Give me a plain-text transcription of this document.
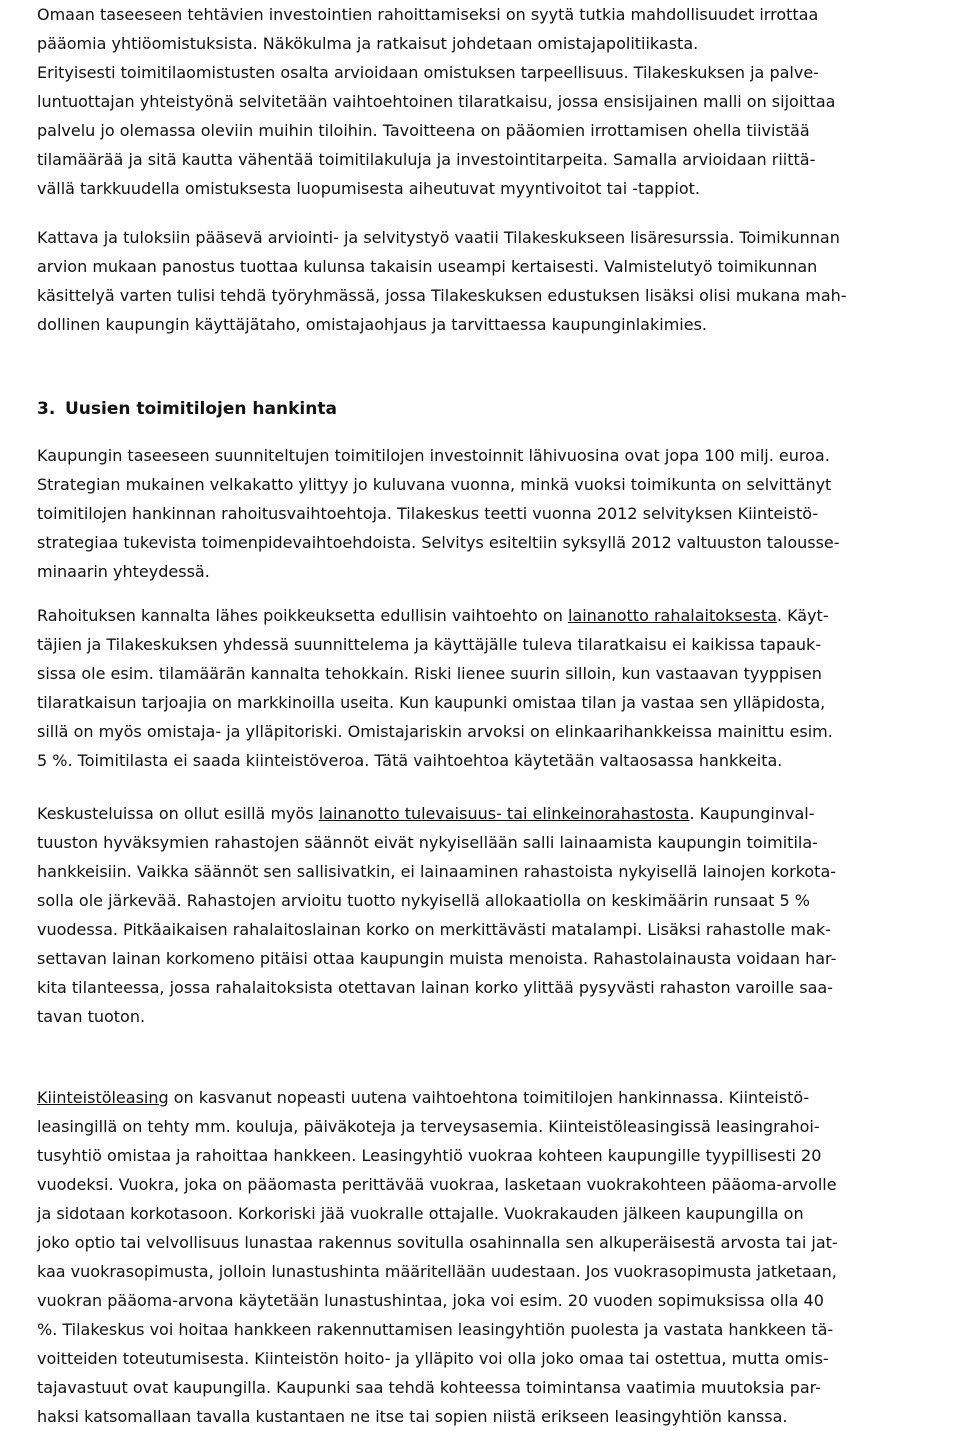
Omaan taseeseen tehtävien investointien rahoittamiseksi on syytä tutkia mahdollisuudet irrottaa
pääomia yhtiöomistuksista. Näkökulma ja ratkaisut johdetaan omistajapolitiikasta.
Erityisesti toimitilaomistusten osalta arvioidaan omistuksen tarpeellisuus. Tilakeskuksen ja palve-
luntuottajan yhteistyönä selvitetään vaihtoehtoinen tilaratkaisu, jossa ensisijainen malli on sijoittaa
palvelu jo olemassa oleviin muihin tiloihin. Tavoitteena on pääomien irrottamisen ohella tiivistää
tilamäärää ja sitä kautta vähentää toimitilakuluja ja investointitarpeita. Samalla arvioidaan riittä-
vällä tarkkuudella omistuksesta luopumisesta aiheutuvat myyntivoitot tai -tappiot.

Kattava ja tuloksiin pääsevä arviointi- ja selvitystyö vaatii Tilakeskukseen lisäresurssia. Toimikunnan
arvion mukaan panostus tuottaa kulunsa takaisin useampi kertaisesti. Valmistelutyö toimikunnan
käsittelyä varten tulisi tehdä työryhmässä, jossa Tilakeskuksen edustuksen lisäksi olisi mukana mah-
dollinen kaupungin käyttäjätaho, omistajaohjaus ja tarvittaessa kaupunginlakimies.

3. Uusien toimitilojen hankinta

Kaupungin taseeseen suunniteltujen toimitilojen investoinnit lähivuosina ovat jopa 100 milj. euroa.
Strategian mukainen velkakatto ylittyy jo kuluvana vuonna, minkä vuoksi toimikunta on selvittänyt
toimitilojen hankinnan rahoitusvaihtoehtoja. Tilakeskus teetti vuonna 2012 selvityksen Kiinteistö-
strategiaa tukevista toimenpidevaihtoehdoista. Selvitys esiteltiin syksyllä 2012 valtuuston talousse-
minaarin yhteydessä.

Rahoituksen kannalta lähes poikkeuksetta edullisin vaihtoehto on lainanotto rahalaitoksesta. Käyt-
täjien ja Tilakeskuksen yhdessä suunnittelema ja käyttäjälle tuleva tilaratkaisu ei kaikissa tapauk-
sissa ole esim. tilamäärän kannalta tehokkain. Riski lienee suurin silloin, kun vastaavan tyyppisen
tilaratkaisun tarjoajia on markkinoilla useita. Kun kaupunki omistaa tilan ja vastaa sen ylläpidosta,
sillä on myös omistaja- ja ylläpitoriski. Omistajariskin arvoksi on elinkaarihankkeissa mainittu esim.
5 %. Toimitilasta ei saada kiinteistöveroa. Tätä vaihtoehtoa käytetään valtaosassa hankkeita.

Keskusteluissa on ollut esillä myös lainanotto tulevaisuus- tai elinkeinorahastosta. Kaupunginval-
tuuston hyväksymien rahastojen säännöt eivät nykyisellään salli lainaamista kaupungin toimitila-
hankkeisiin. Vaikka säännöt sen sallisivatkin, ei lainaaminen rahastoista nykyisellä lainojen korkota-
solla ole järkevää. Rahastojen arvioitu tuotto nykyisellä allokaatiolla on keskimäärin runsaat 5 %
vuodessa. Pitkäaikaisen rahalaitoslainan korko on merkittävästi matalampi. Lisäksi rahastolle mak-
settavan lainan korkomeno pitäisi ottaa kaupungin muista menoista. Rahastolainausta voidaan har-
kita tilanteessa, jossa rahalaitoksista otettavan lainan korko ylittää pysyvästi rahaston varoille saa-
tavan tuoton.

Kiinteistöleasing on kasvanut nopeasti uutena vaihtoehtona toimitilojen hankinnassa. Kiinteistö-
leasingillä on tehty mm. kouluja, päiväkoteja ja terveysasemia. Kiinteistöleasingissä leasingrahoi-
tusyhtiö omistaa ja rahoittaa hankkeen. Leasingyhtiö vuokraa kohteen kaupungille tyypillisesti 20
vuodeksi. Vuokra, joka on pääomasta perittävää vuokraa, lasketaan vuokrakohteen pääoma-arvolle
ja sidotaan korkotasoon. Korkoriski jää vuokralle ottajalle. Vuokrakauden jälkeen kaupungilla on
joko optio tai velvollisuus lunastaa rakennus sovitulla osahinnalla sen alkuperäisestä arvosta tai jat-
kaa vuokrasopimusta, jolloin lunastushinta määritellään uudestaan. Jos vuokrasopimusta jatketaan,
vuokran pääoma-arvona käytetään lunastushintaa, joka voi esim. 20 vuoden sopimuksissa olla 40
%. Tilakeskus voi hoitaa hankkeen rakennuttamisen leasingyhtiön puolesta ja vastata hankkeen tä-
voitteiden toteutumisesta. Kiinteistön hoito- ja ylläpito voi olla joko omaa tai ostettua, mutta omis-
tajavastuut ovat kaupungilla. Kaupunki saa tehdä kohteessa toimintansa vaatimia muutoksia par-
haksi katsomallaan tavalla kustantaen ne itse tai sopien niistä erikseen leasingyhtiön kanssa.
